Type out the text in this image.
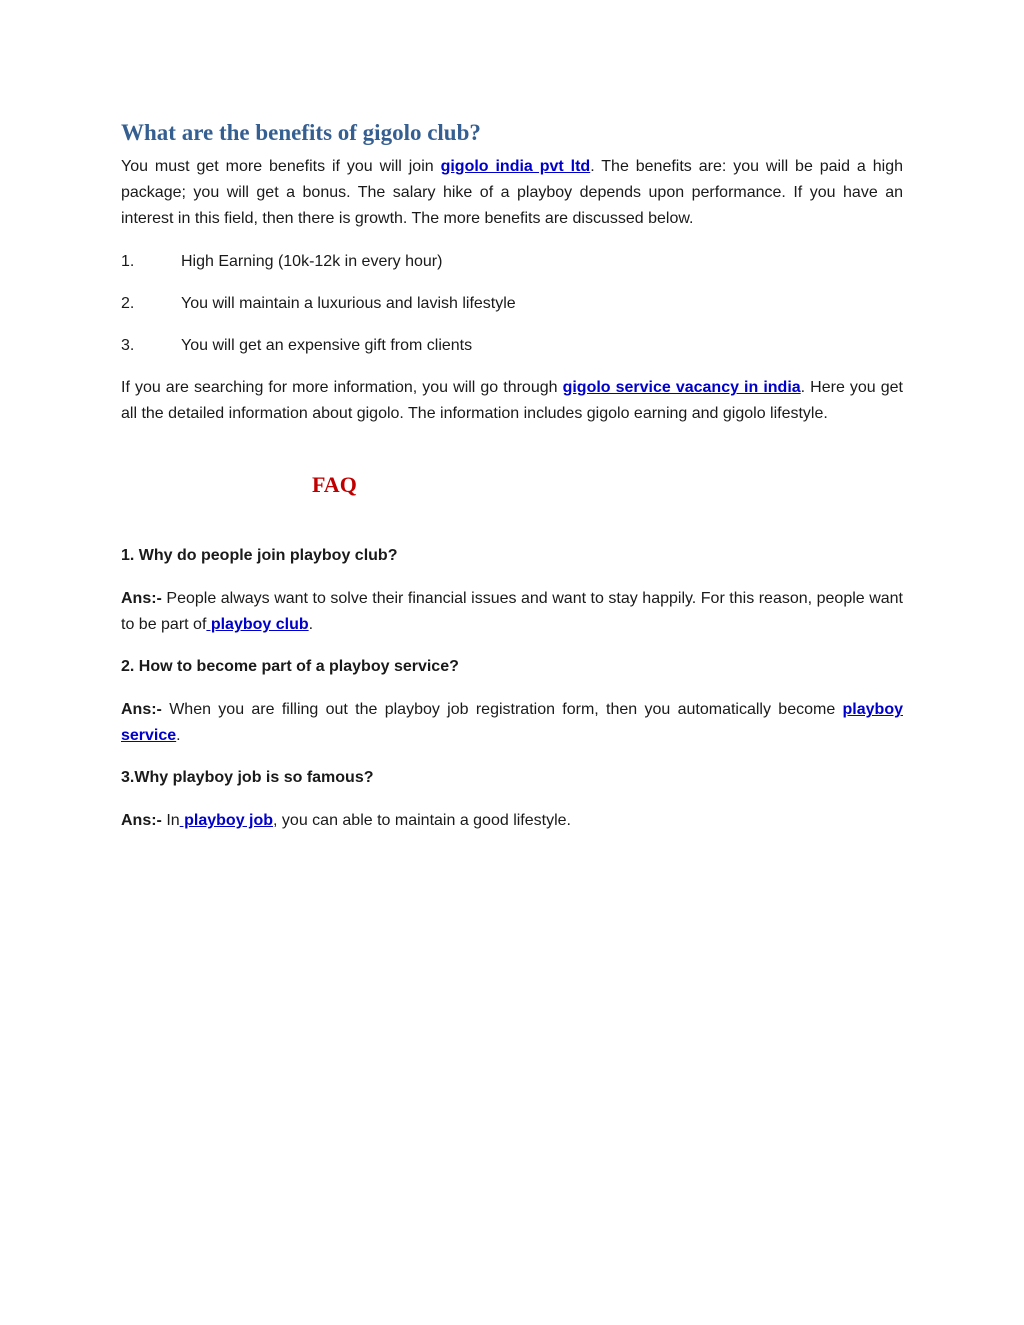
What are the benefits of gigolo club?

You must get more benefits if you will join gigolo india pvt ltd. The benefits are: you will be paid a high package; you will get a bonus. The salary hike of a playboy depends upon performance. If you have an interest in this field, then there is growth. The more benefits are discussed below.

1.	High Earning (10k-12k in every hour)
2.	You will maintain a luxurious and lavish lifestyle
3.	You will get an expensive gift from clients

If you are searching for more information, you will go through gigolo service vacancy in india. Here you get all the detailed information about gigolo. The information includes gigolo earning and gigolo lifestyle.

FAQ

1. Why do people join playboy club?

Ans:- People always want to solve their financial issues and want to stay happily. For this reason, people want to be part of playboy club.

2. How to become part of a playboy service?

Ans:- When you are filling out the playboy job registration form, then you automatically become playboy service.

3.Why playboy job is so famous?

Ans:- In playboy job, you can able to maintain a good lifestyle.
